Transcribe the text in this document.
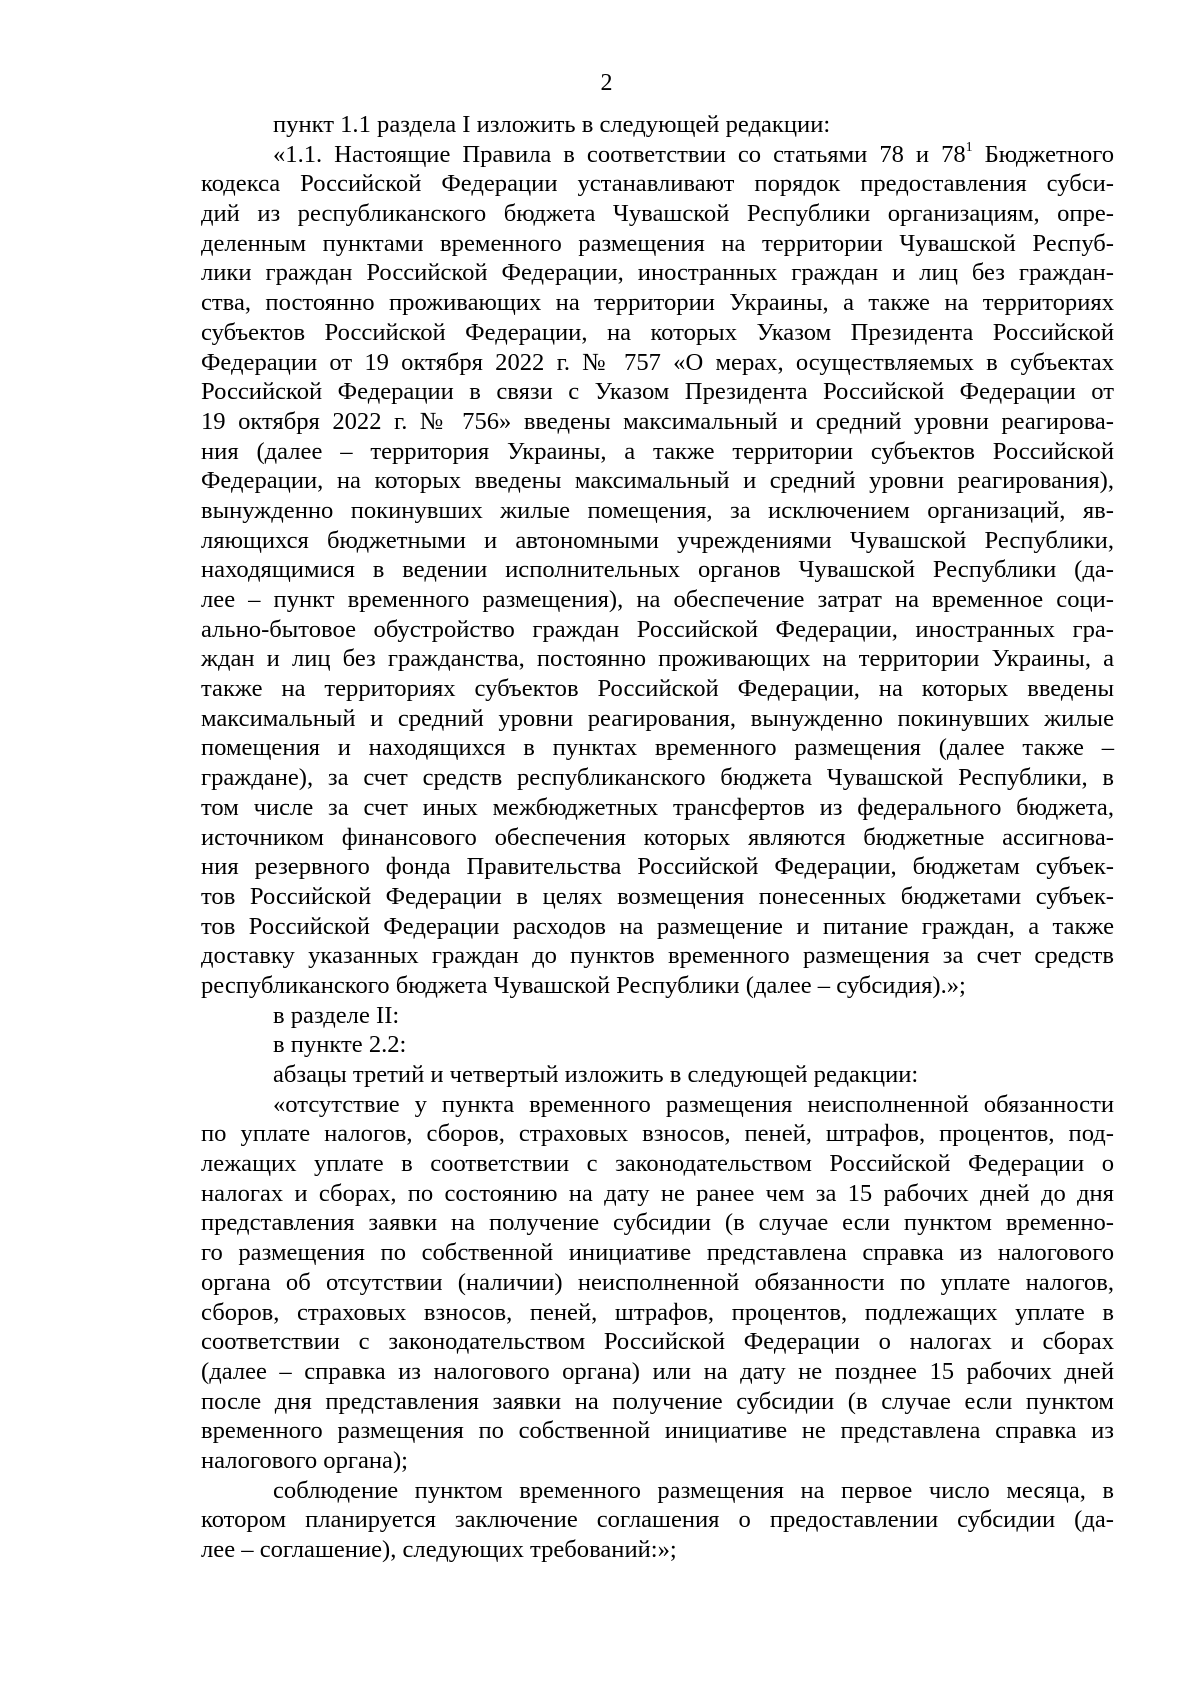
2
пункт 1.1 раздела I изложить в следующей редакции:
«1.1. Настоящие Правила в соответствии со статьями 78 и $78^1$ Бюджетного
кодекса Российской Федерации устанавливают порядок предоставления субси-
дий из республиканского бюджета Чувашской Республики организациям, опре-
деленным пунктами временного размещения на территории Чувашской Респуб-
лики граждан Российской Федерации, иностранных граждан и лиц без граждан-
ства, постоянно проживающих на территории Украины, а также на территориях
субъектов Российской Федерации, на которых Указом Президента Российской
Федерации от 19 октября 2022 г. № 757 «О мерах, осуществляемых в субъектах
Российской Федерации в связи с Указом Президента Российской Федерации от
19 октября 2022 г. № 756» введены максимальный и средний уровни реагирова-
ния (далее – территория Украины, а также территории субъектов Российской
Федерации, на которых введены максимальный и средний уровни реагирования),
вынужденно покинувших жилые помещения, за исключением организаций, яв-
ляющихся бюджетными и автономными учреждениями Чувашской Республики,
находящимися в ведении исполнительных органов Чувашской Республики (да-
лее – пункт временного размещения), на обеспечение затрат на временное соци-
ально-бытовое обустройство граждан Российской Федерации, иностранных гра-
ждан и лиц без гражданства, постоянно проживающих на территории Украины, а
также на территориях субъектов Российской Федерации, на которых введены
максимальный и средний уровни реагирования, вынужденно покинувших жилые
помещения и находящихся в пунктах временного размещения (далее также –
граждане), за счет средств республиканского бюджета Чувашской Республики, в
том числе за счет иных межбюджетных трансфертов из федерального бюджета,
источником финансового обеспечения которых являются бюджетные ассигнова-
ния резервного фонда Правительства Российской Федерации, бюджетам субъек-
тов Российской Федерации в целях возмещения понесенных бюджетами субъек-
тов Российской Федерации расходов на размещение и питание граждан, а также
доставку указанных граждан до пунктов временного размещения за счет средств
республиканского бюджета Чувашской Республики (далее – субсидия).»;
в разделе II:
в пункте 2.2:
абзацы третий и четвертый изложить в следующей редакции:
«отсутствие у пункта временного размещения неисполненной обязанности
по уплате налогов, сборов, страховых взносов, пеней, штрафов, процентов, под-
лежащих уплате в соответствии с законодательством Российской Федерации о
налогах и сборах, по состоянию на дату не ранее чем за 15 рабочих дней до дня
представления заявки на получение субсидии (в случае если пунктом временно-
го размещения по собственной инициативе представлена справка из налогового
органа об отсутствии (наличии) неисполненной обязанности по уплате налогов,
сборов, страховых взносов, пеней, штрафов, процентов, подлежащих уплате в
соответствии с законодательством Российской Федерации о налогах и сборах
(далее – справка из налогового органа) или на дату не позднее 15 рабочих дней
после дня представления заявки на получение субсидии (в случае если пунктом
временного размещения по собственной инициативе не представлена справка из
налогового органа);
соблюдение пунктом временного размещения на первое число месяца, в
котором планируется заключение соглашения о предоставлении субсидии (да-
лее – соглашение), следующих требований:»;
